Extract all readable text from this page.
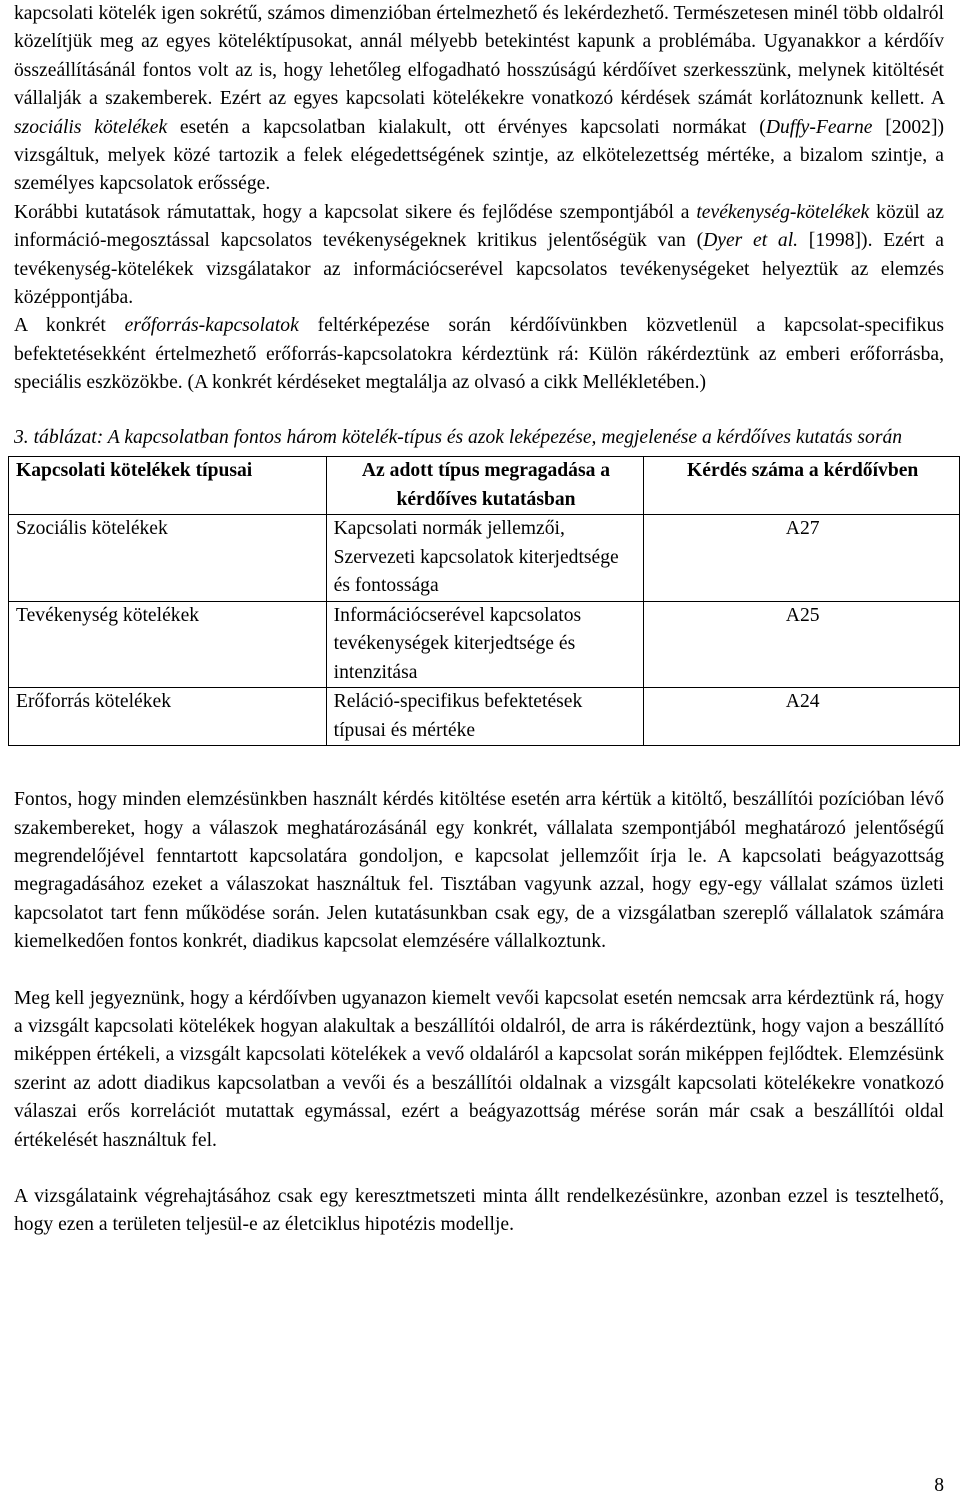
kapcsolati kötelék igen sokrétű, számos dimenzióban értelmezhető és lekérdezhető. Természetesen minél több oldalról közelítjük meg az egyes köteléktípusokat, annál mélyebb betekintést kapunk a problémába. Ugyanakkor a kérdőív összeállításánál fontos volt az is, hogy lehetőleg elfogadható hosszúságú kérdőívet szerkesszünk, melynek kitöltését vállalják a szakemberek. Ezért az egyes kapcsolati kötelékekre vonatkozó kérdések számát korlátoznunk kellett. A szociális kötelékek esetén a kapcsolatban kialakult, ott érvényes kapcsolati normákat (Duffy-Fearne [2002]) vizsgáltuk, melyek közé tartozik a felek elégedettségének szintje, az elkötelezettség mértéke, a bizalom szintje, a személyes kapcsolatok erőssége.

Korábbi kutatások rámutattak, hogy a kapcsolat sikere és fejlődése szempontjából a tevékenység-kötelékek közül az információ-megosztással kapcsolatos tevékenységeknek kritikus jelentőségük van (Dyer et al. [1998]). Ezért a tevékenység-kötelékek vizsgálatakor az információcserével kapcsolatos tevékenységeket helyeztük az elemzés középpontjába.

A konkrét erőforrás-kapcsolatok feltérképezése során kérdőívünkben közvetlenül a kapcsolat-specifikus befektetésekként értelmezhető erőforrás-kapcsolatokra kérdeztünk rá: Külön rákérdeztünk az emberi erőforrásba, speciális eszközökbe. (A konkrét kérdéseket megtalálja az olvasó a cikk Mellékletében.)

3. táblázat: A kapcsolatban fontos három kötelék-típus és azok leképezése, megjelenése a kérdőíves kutatás során

Kapcsolati kötelékek típusai	Az adott típus megragadása a kérdőíves kutatásban	Kérdés száma a kérdőívben
Szociális kötelékek	Kapcsolati normák jellemzői, Szervezeti kapcsolatok kiterjedtsége és fontossága	A27
Tevékenység kötelékek	Információcserével kapcsolatos tevékenységek kiterjedtsége és intenzitása	A25
Erőforrás kötelékek	Reláció-specifikus befektetések típusai és mértéke	A24

Fontos, hogy minden elemzésünkben használt kérdés kitöltése esetén arra kértük a kitöltő, beszállítói pozícióban lévő szakembereket, hogy a válaszok meghatározásánál egy konkrét, vállalata szempontjából meghatározó jelentőségű megrendelőjével fenntartott kapcsolatára gondoljon, e kapcsolat jellemzőit írja le. A kapcsolati beágyazottság megragadásához ezeket a válaszokat használtuk fel. Tisztában vagyunk azzal, hogy egy-egy vállalat számos üzleti kapcsolatot tart fenn működése során. Jelen kutatásunkban csak egy, de a vizsgálatban szereplő vállalatok számára kiemelkedően fontos konkrét, diadikus kapcsolat elemzésére vállalkoztunk.

Meg kell jegyeznünk, hogy a kérdőívben ugyanazon kiemelt vevői kapcsolat esetén nemcsak arra kérdeztünk rá, hogy a vizsgált kapcsolati kötelékek hogyan alakultak a beszállítói oldalról, de arra is rákérdeztünk, hogy vajon a beszállító miképpen értékeli, a vizsgált kapcsolati kötelékek a vevő oldaláról a kapcsolat során miképpen fejlődtek. Elemzésünk szerint az adott diadikus kapcsolatban a vevői és a beszállítói oldalnak a vizsgált kapcsolati kötelékekre vonatkozó válaszai erős korrelációt mutattak egymással, ezért a beágyazottság mérése során már csak a beszállítói oldal értékelését használtuk fel.

A vizsgálataink végrehajtásához csak egy keresztmetszeti minta állt rendelkezésünkre, azonban ezzel is tesztelhető, hogy ezen a területen teljesül-e az életciklus hipotézis modellje.

8
